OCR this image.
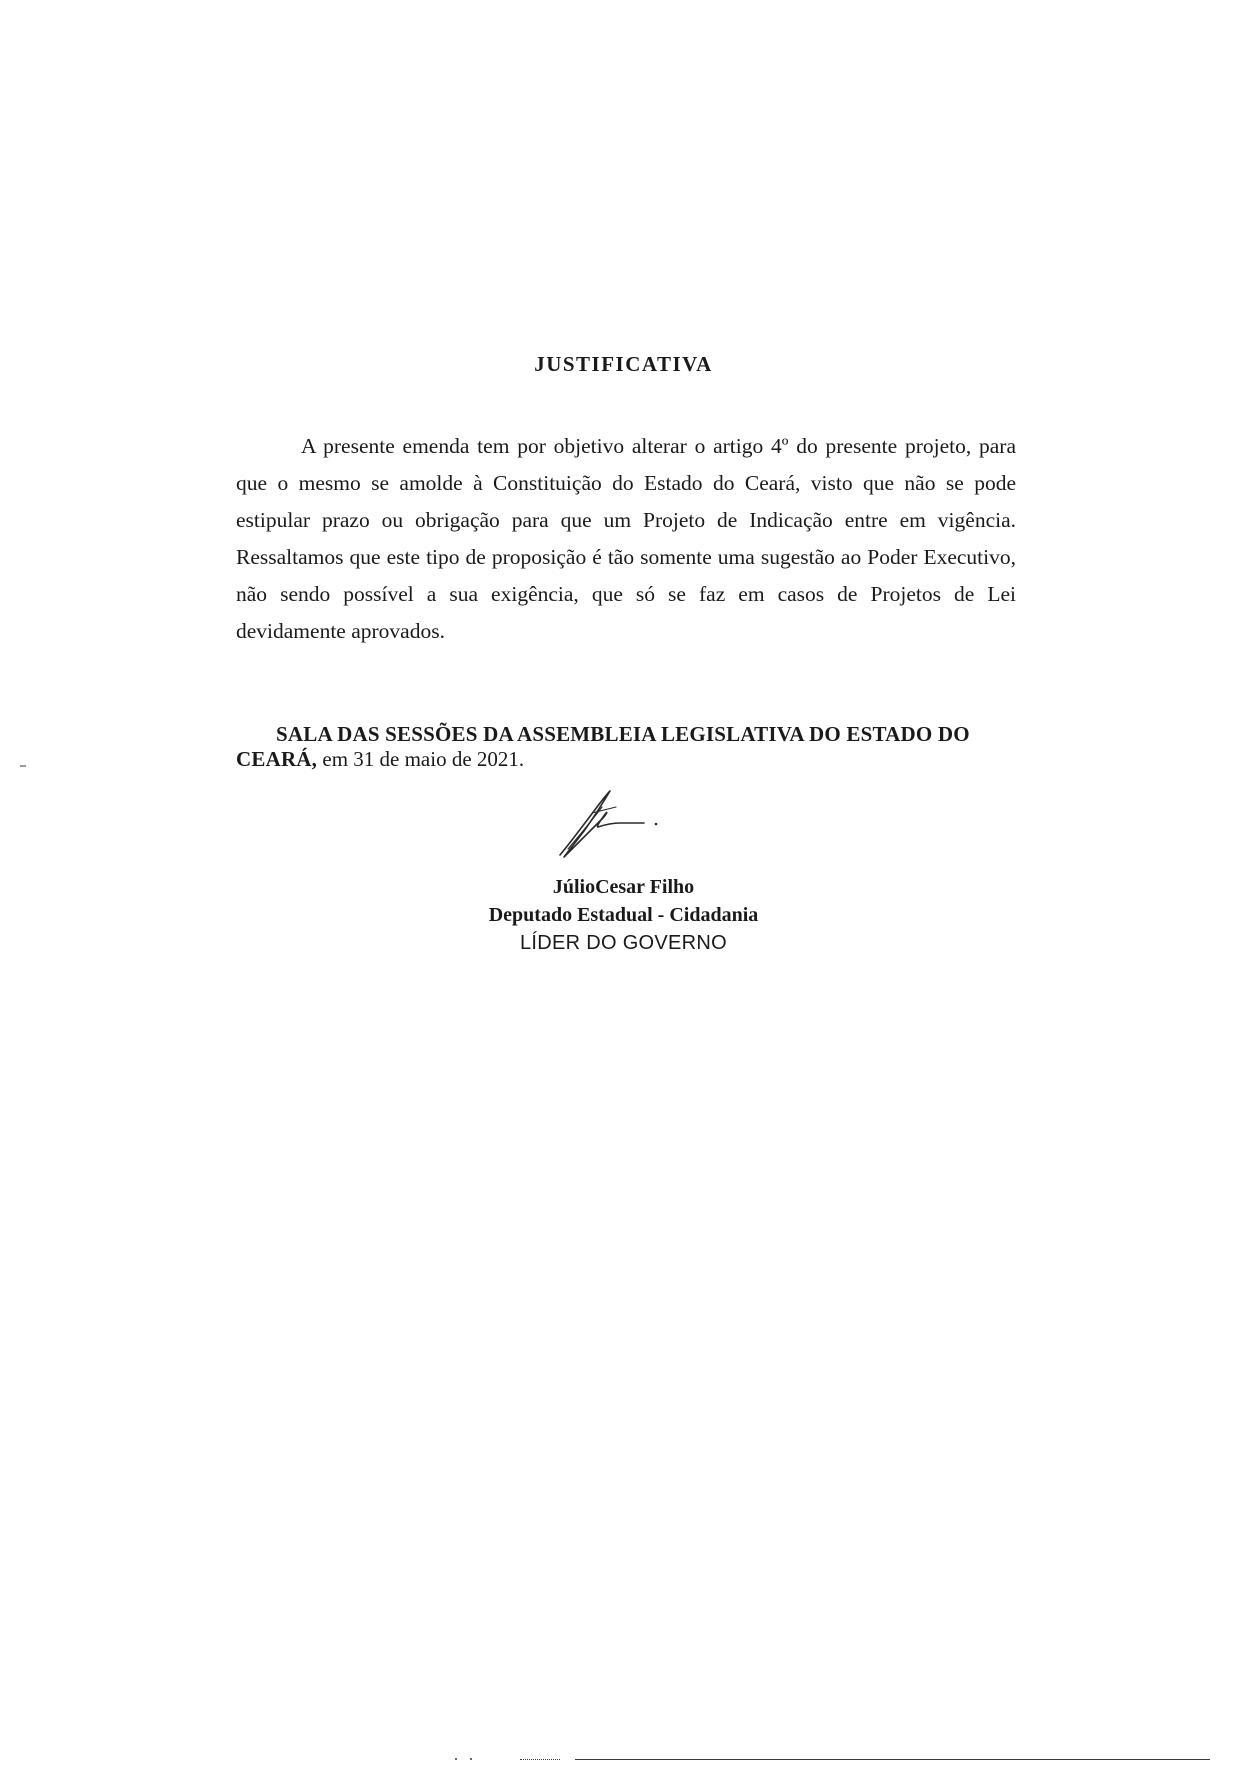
JUSTIFICATIVA

A presente emenda tem por objetivo alterar o artigo 4º do presente projeto, para que o mesmo se amolde à Constituição do Estado do Ceará, visto que não se pode estipular prazo ou obrigação para que um Projeto de Indicação entre em vigência. Ressaltamos que este tipo de proposição é tão somente uma sugestão ao Poder Executivo, não sendo possível a sua exigência, que só se faz em casos de Projetos de Lei devidamente aprovados.

SALA DAS SESSÕES DA ASSEMBLEIA LEGISLATIVA DO ESTADO DO CEARÁ, em 31 de maio de 2021.

JúlioCesar Filho
Deputado Estadual - Cidadania
LÍDER DO GOVERNO
